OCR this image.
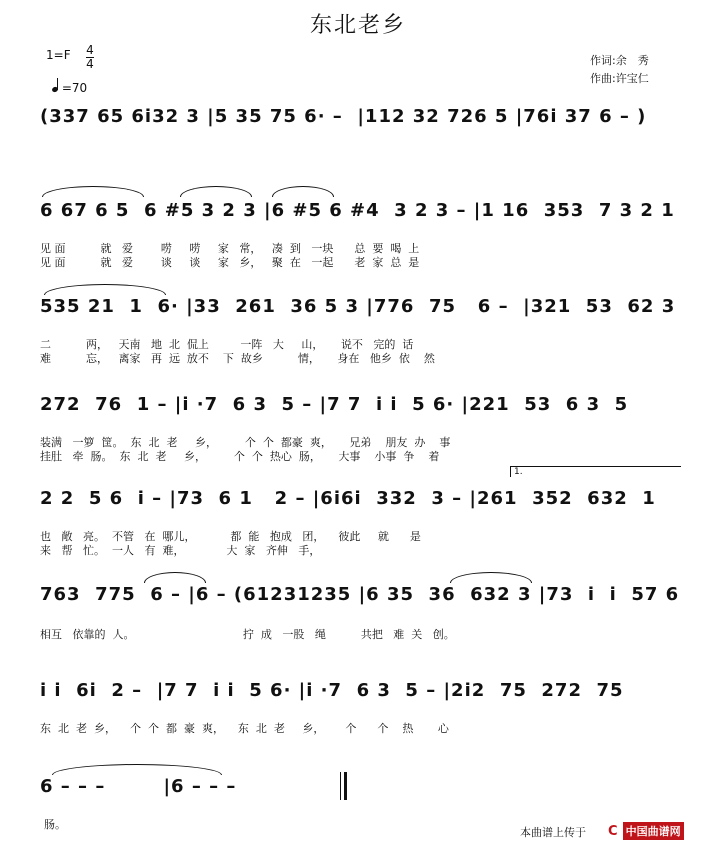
东北老乡
1=F 4
4
=70
作词:余　秀
作曲:许宝仁
(337 65 6i32 3 |5 35 75 6· –  |112 32 726 5 |76i 37 6 – )
6 67 6 5  6 #5 3 2 3 |6 #5 6 #4  3 2 3 – |1 16  353  7 3 2 1
见 面          就   爱        唠     唠     家   常，   凑  到   一块      总  要  喝  上
见 面          就   爱        谈     谈     家   乡，   聚  在   一起      老  家  总  是
535 21  1  6· |33  261  36 5 3 |776  75   6 –  |321  53  62 3
二          两，   天南   地  北  侃上         一阵   大     山，     说不   完的  话
难          忘，   离家   再  远  放不    下  故乡          情，     身在   他乡  依    然
272  76  1 – |i ·7  6 3  5 – |7 7  i i  5 6· |221  53  6 3  5
装满   一箩  筐。  东  北  老     乡，        个  个  都豪  爽，     兄弟    朋友  办    事
挂肚   牵  肠。  东  北  老     乡，        个  个  热心  肠，     大事    小事  争    着
1.
2 2  5 6  i – |73  6 1   2 – |6i6i  332  3 – |261  352  632  1
也   敞   亮。  不管   在  哪儿，          都  能   抱成   团，    彼此     就      是
来   帮   忙。  一人   有  难，            大  家   齐伸   手，
763  775  6 – |6 – (61231235 |6 35  36  632 3 |73  i  i  57 6
相互   依靠的  人。                               拧  成   一股   绳          共把   难  关   创。
i i  6i  2 –  |7 7  i i  5 6· |i ·7  6 3  5 – |2i2  75  272  75
东  北  老  乡，    个  个  都  豪  爽，    东  北  老     乡，      个      个    热       心
6 – – –        |6 – – –
肠。
本曲谱上传于 C 中国曲谱网
